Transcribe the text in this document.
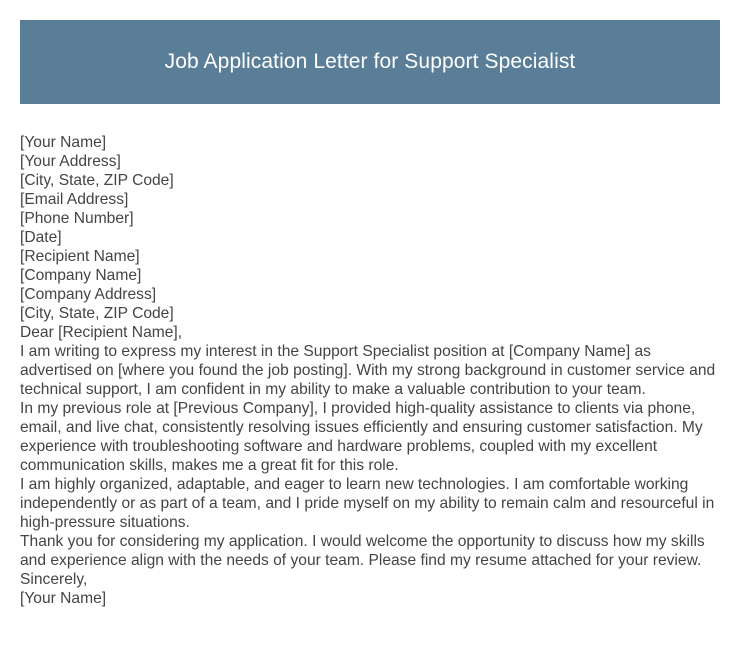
Job Application Letter for Support Specialist
[Your Name]
[Your Address]
[City, State, ZIP Code]
[Email Address]
[Phone Number]
[Date]
[Recipient Name]
[Company Name]
[Company Address]
[City, State, ZIP Code]
Dear [Recipient Name],
I am writing to express my interest in the Support Specialist position at [Company Name] as advertised on [where you found the job posting]. With my strong background in customer service and technical support, I am confident in my ability to make a valuable contribution to your team.
In my previous role at [Previous Company], I provided high-quality assistance to clients via phone, email, and live chat, consistently resolving issues efficiently and ensuring customer satisfaction. My experience with troubleshooting software and hardware problems, coupled with my excellent communication skills, makes me a great fit for this role.
I am highly organized, adaptable, and eager to learn new technologies. I am comfortable working independently or as part of a team, and I pride myself on my ability to remain calm and resourceful in high-pressure situations.
Thank you for considering my application. I would welcome the opportunity to discuss how my skills and experience align with the needs of your team. Please find my resume attached for your review.
Sincerely,
[Your Name]
